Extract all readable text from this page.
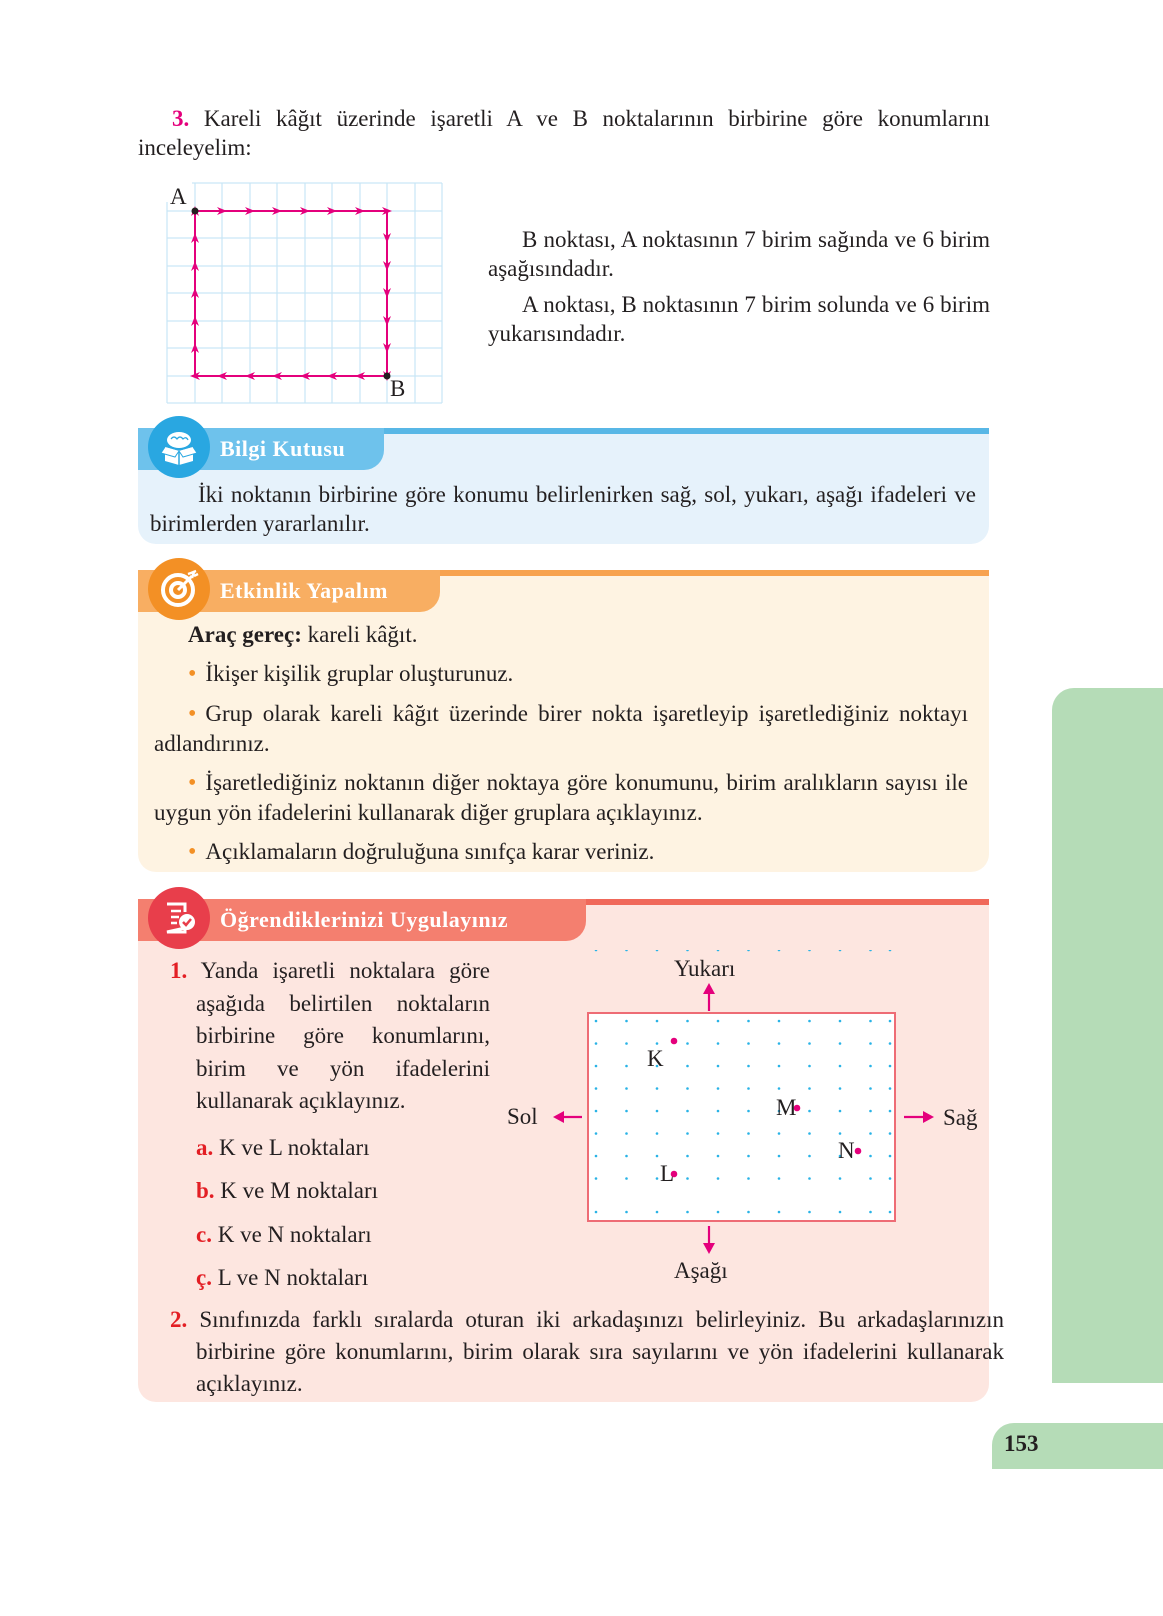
3. Kareli kâğıt üzerinde işaretli A ve B noktalarının birbirine göre konumlarını inceleyelim:
A
B

B noktası, A noktasının 7 birim sağında ve 6 birim aşağısındadır.

A noktası, B noktasının 7 birim solunda ve 6 birim yukarısındadır.

Bilgi Kutusu
İki noktanın birbirine göre konumu belirlenirken sağ, sol, yukarı, aşağı ifadeleri ve birimlerden yararlanılır.
Etkinlik Yapalım

Araç gereç: kareli kâğıt.

• İkişer kişilik gruplar oluşturunuz.

• Grup olarak kareli kâğıt üzerinde birer nokta işaretleyip işaretlediğiniz noktayı adlandırınız.

• İşaretlediğiniz noktanın diğer noktaya göre konumunu, birim aralıkların sayısı ile uygun yön ifadelerini kullanarak diğer gruplara açıklayınız.

• Açıklamaların doğruluğuna sınıfça karar veriniz.

Öğrendiklerinizi Uygulayınız
1. Yanda işaretli noktalara göre aşağıda belirtilen noktaların birbirine göre konumlarını, birim ve yön ifadelerini kullanarak açıklayınız.
a. K ve L noktaları
b. K ve M noktaları
c. K ve N noktaları
ç. L ve N noktaları
Yukarı
Aşağı
Sol	Sağ
K
M
N
L
2. Sınıfınızda farklı sıralarda oturan iki arkadaşınızı belirleyiniz. Bu arkadaşlarınızın birbirine göre konumlarını, birim olarak sıra sayılarını ve yön ifadelerini kullanarak açıklayınız.
153
